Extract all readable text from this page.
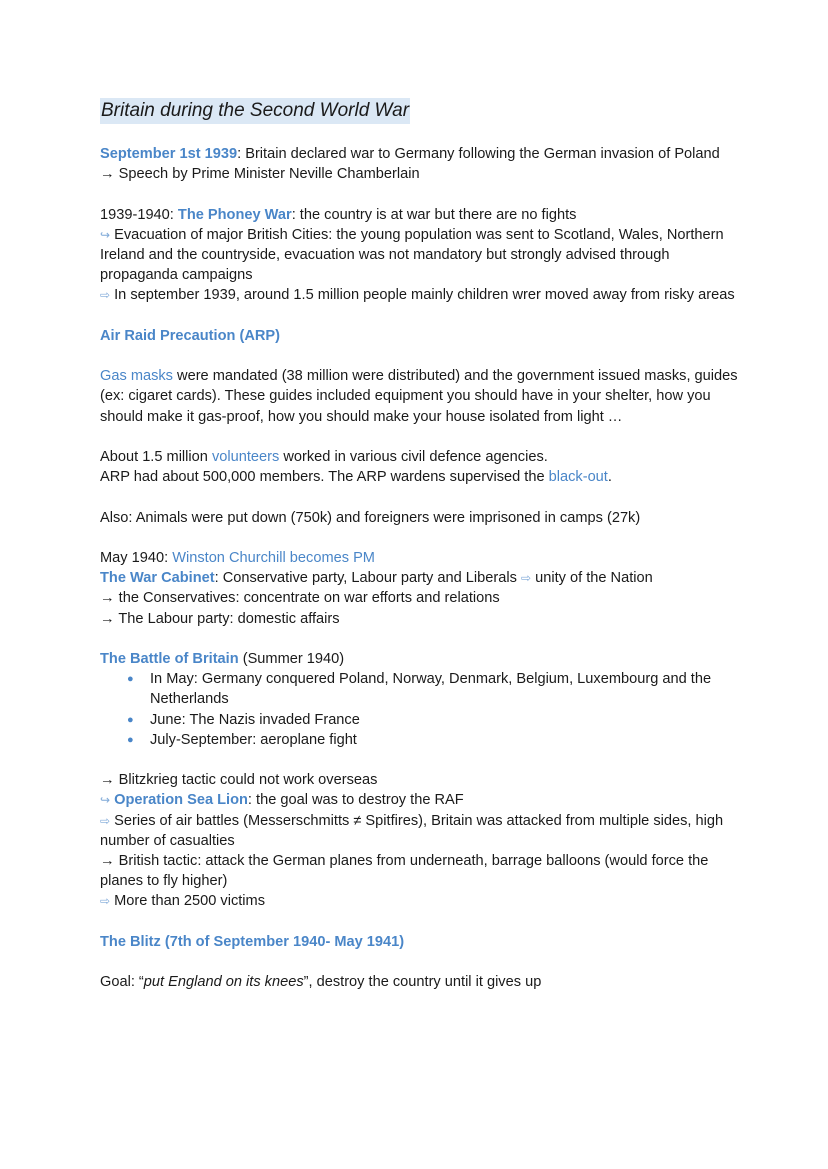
Britain during the Second World War

September 1st 1939: Britain declared war to Germany following the German invasion of Poland

→ Speech by Prime Minister Neville Chamberlain

1939-1940: The Phoney War: the country is at war but there are no fights

↪ Evacuation of major British Cities: the young population was sent to Scotland, Wales, Northern Ireland and the countryside, evacuation was not mandatory but strongly advised through propaganda campaigns

⇨ In september 1939, around 1.5 million people mainly children wrer moved away from risky areas

Air Raid Precaution (ARP)

Gas masks were mandated (38 million were distributed) and the government issued masks, guides (ex: cigaret cards). These guides included equipment you should have in your shelter, how you should make it gas-proof, how you should make your house isolated from light …

About 1.5 million volunteers worked in various civil defence agencies.

ARP had about 500,000 members. The ARP wardens supervised the black-out.

Also: Animals were put down (750k) and foreigners were imprisoned in camps (27k)

May 1940: Winston Churchill becomes PM

The War Cabinet: Conservative party, Labour party and Liberals ⇨ unity of the Nation

→ the Conservatives: concentrate on war efforts and relations

→ The Labour party: domestic affairs

The Battle of Britain (Summer 1940)

● In May: Germany conquered Poland, Norway, Denmark, Belgium, Luxembourg and the Netherlands
● June: The Nazis invaded France
● July-September: aeroplane fight

→ Blitzkrieg tactic could not work overseas

↪ Operation Sea Lion: the goal was to destroy the RAF

⇨ Series of air battles (Messerschmitts ≠ Spitfires), Britain was attacked from multiple sides, high number of casualties

→ British tactic: attack the German planes from underneath, barrage balloons (would force the planes to fly higher)

⇨ More than 2500 victims

The Blitz (7th of September 1940- May 1941)

Goal: “put England on its knees”, destroy the country until it gives up
